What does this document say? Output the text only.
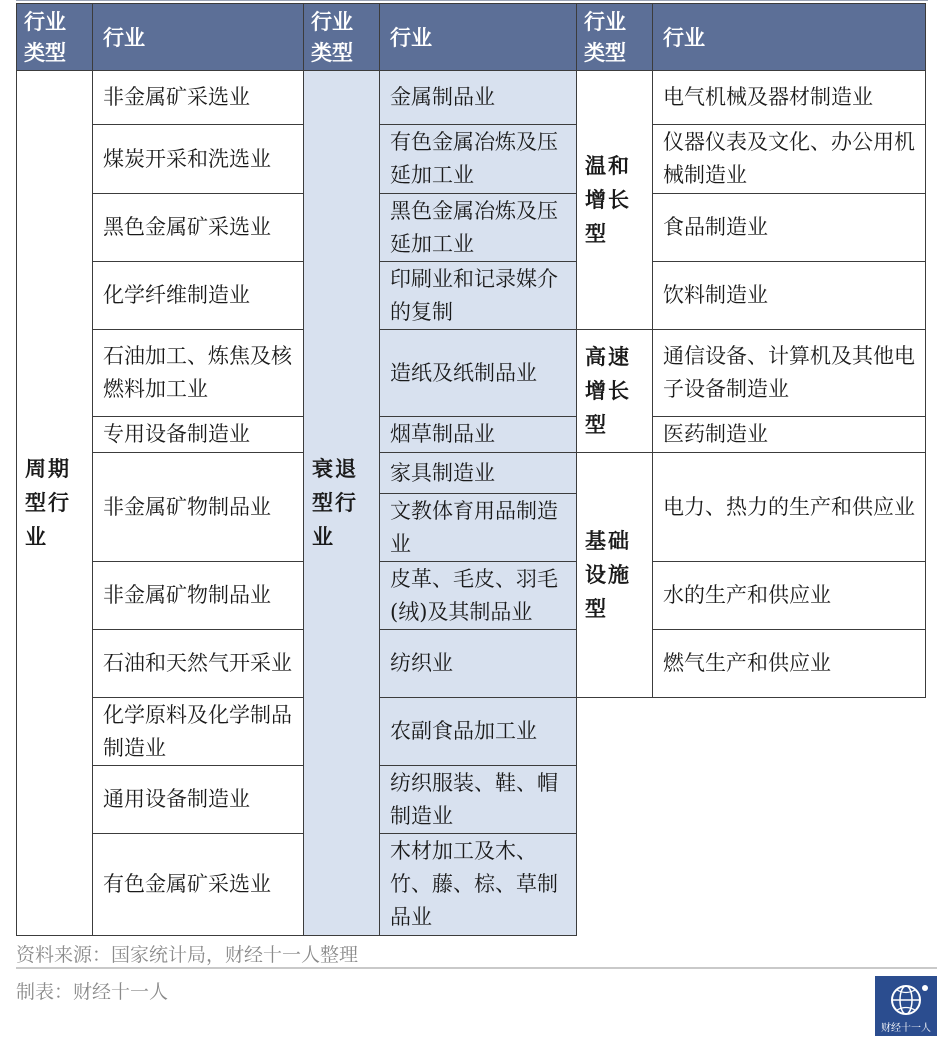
行业类型	行业	行业类型	行业	行业类型	行业
周期型行业	非金属矿采选业	衰退型行业	金属制品业	温和增长型	电气机械及器材制造业
	煤炭开采和洗选业		有色金属冶炼及压延加工业		仪器仪表及文化、办公用机械制造业
	黑色金属矿采选业		黑色金属冶炼及压延加工业		食品制造业
	化学纤维制造业		印刷业和记录媒介的复制		饮料制造业
	石油加工、炼焦及核燃料加工业		造纸及纸制品业	高速增长型	通信设备、计算机及其他电子设备制造业
	专用设备制造业		烟草制品业		医药制造业
	非金属矿物制品业		家具制造业	基础设施型	电力、热力的生产和供应业
			文教体育用品制造业		
	非金属矿物制品业		皮革、毛皮、羽毛(绒)及其制品业		水的生产和供应业
	石油和天然气开采业		纺织业		燃气生产和供应业
	化学原料及化学制品制造业		农副食品加工业		
	通用设备制造业		纺织服装、鞋、帽制造业		
	有色金属矿采选业		木材加工及木、竹、藤、棕、草制品业		
资料来源：国家统计局，财经十一人整理
制表：财经十一人
财经十一人
